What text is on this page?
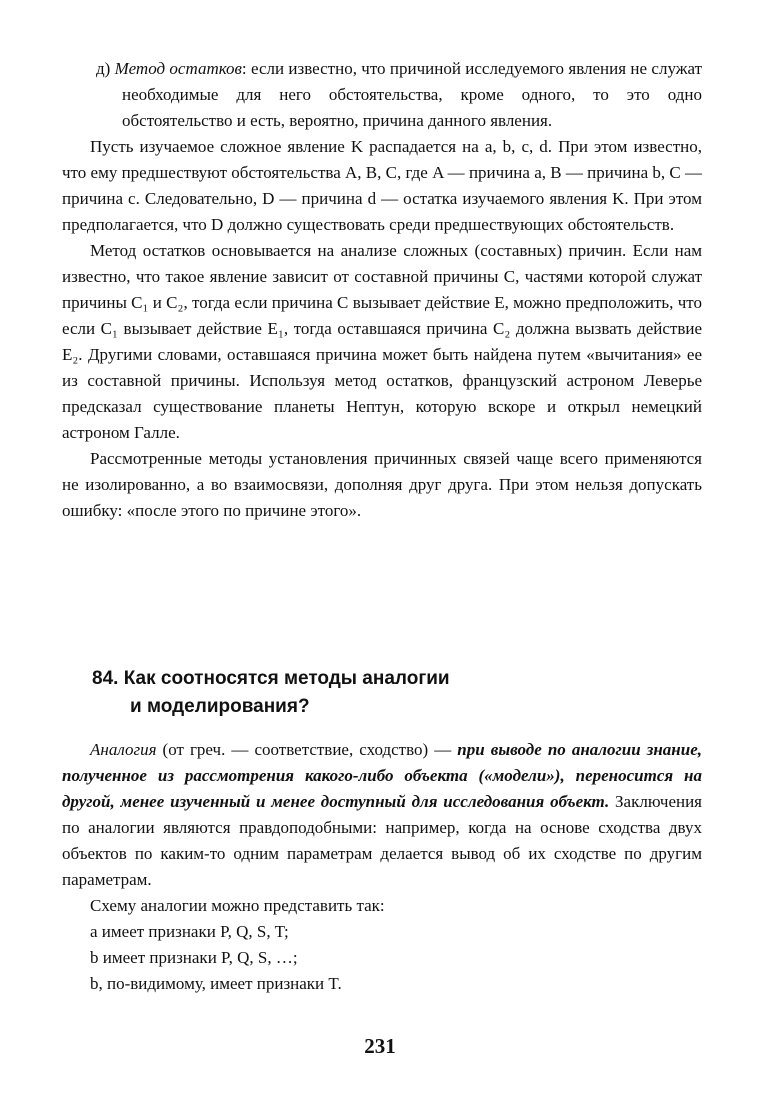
д) Метод остатков: если известно, что причиной исследуемого явления не служат необходимые для него обстоятельства, кроме одного, то это одно обстоятельство и есть, вероятно, причина данного явления.

Пусть изучаемое сложное явление K распадается на a, b, c, d. При этом известно, что ему предшествуют обстоятельства A, B, C, где A — причина a, B — причина b, C — причина c. Следовательно, D — причина d — остатка изучаемого явления K. При этом предполагается, что D должно существовать среди предшествующих обстоятельств.

Метод остатков основывается на анализе сложных (составных) причин. Если нам известно, что такое явление зависит от составной причины C, частями которой служат причины C₁ и C₂, тогда если причина C вызывает действие E, можно предположить, что если C₁ вызывает действие E₁, тогда оставшаяся причина C₂ должна вызвать действие E₂. Другими словами, оставшаяся причина может быть найдена путем «вычитания» ее из составной причины. Используя метод остатков, французский астроном Леверье предсказал существование планеты Нептун, которую вскоре и открыл немецкий астроном Галле.

Рассмотренные методы установления причинных связей чаще всего применяются не изолированно, а во взаимосвязи, дополняя друг друга. При этом нельзя допускать ошибку: «после этого по причине этого».

84. Как соотносятся методы аналогии
и моделирования?

Аналогия (от греч. — соответствие, сходство) — при выводе по аналогии знание, полученное из рассмотрения какого-либо объекта («модели»), переносится на другой, менее изученный и менее доступный для исследования объект. Заключения по аналогии являются правдоподобными: например, когда на основе сходства двух объектов по каким-то одним параметрам делается вывод об их сходстве по другим параметрам.

Схему аналогии можно представить так:

a имеет признаки P, Q, S, T;

b имеет признаки P, Q, S, …;

b, по-видимому, имеет признаки T.

231
